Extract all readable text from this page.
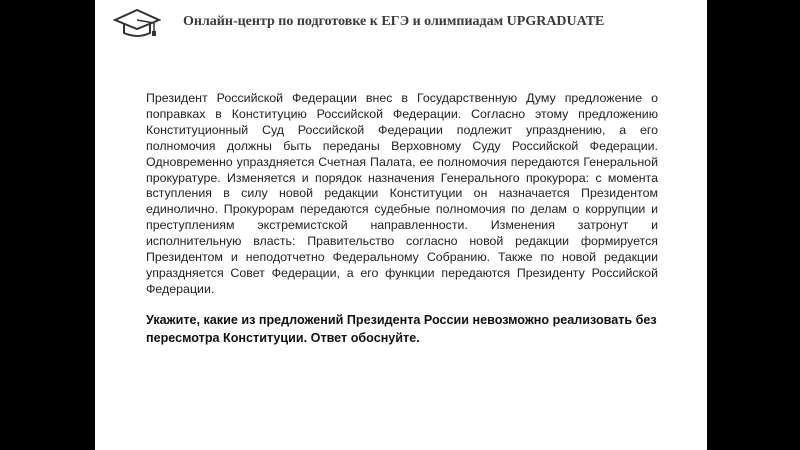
Онлайн-центр по подготовке к ЕГЭ и олимпиадам UPGRADUATE

Президент Российской Федерации внес в Государственную Думу предложение о поправках в Конституцию Российской Федерации. Согласно этому предложению Конституционный Суд Российской Федерации подлежит упразднению, а его полномочия должны быть переданы Верховному Суду Российской Федерации. Одновременно упраздняется Счетная Палата, ее полномочия передаются Генеральной прокуратуре. Изменяется и порядок назначения Генерального прокурора: с момента вступления в силу новой редакции Конституции он назначается Президентом единолично. Прокурорам передаются судебные полномочия по делам о коррупции и преступлениям экстремистской направленности. Изменения затронут и исполнительную власть: Правительство согласно новой редакции формируется Президентом и неподотчетно Федеральному Собранию. Также по новой редакции упраздняется Совет Федерации, а его функции передаются Президенту Российской Федерации.

Укажите, какие из предложений Президента России невозможно реализовать без пересмотра Конституции. Ответ обоснуйте.
